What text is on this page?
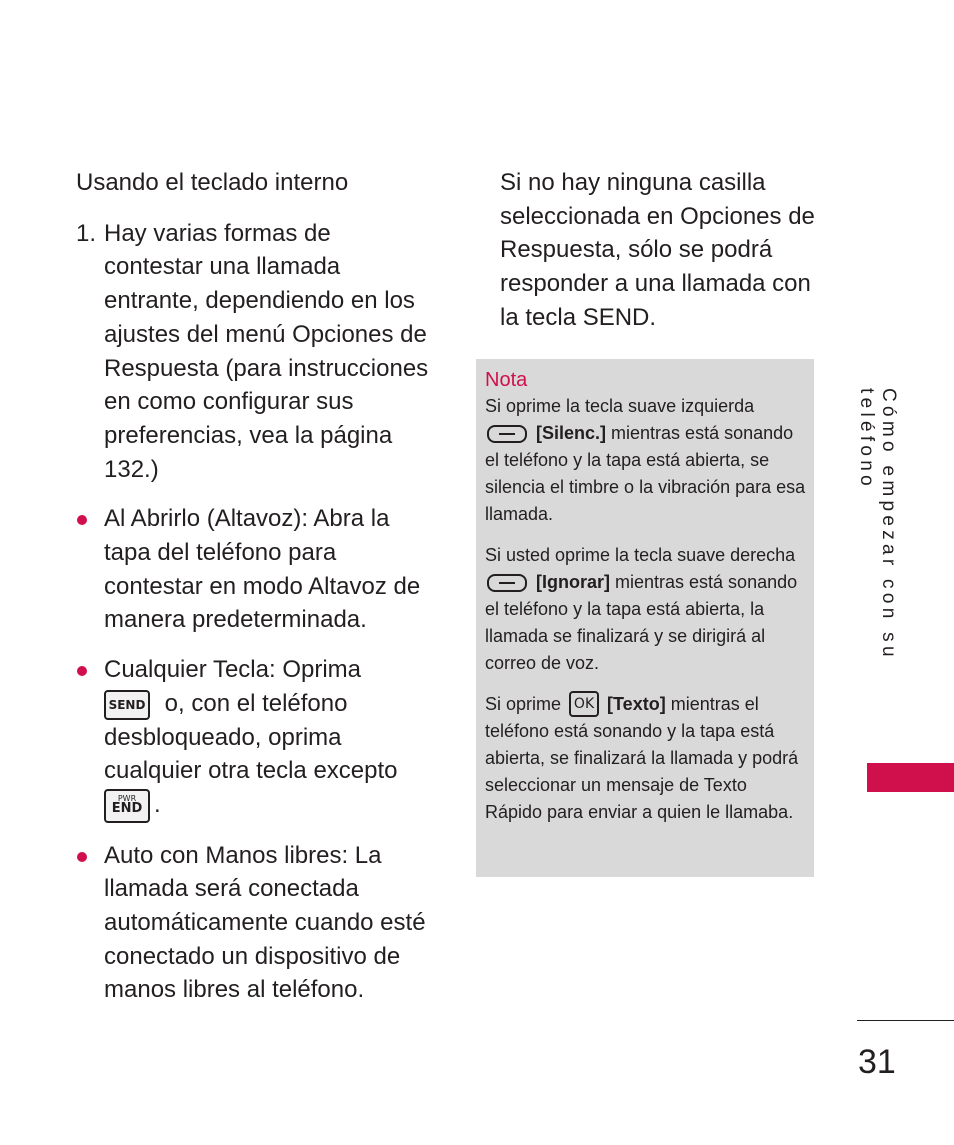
Usando el teclado interno
1. Hay varias formas de contestar una llamada entrante, dependiendo en los ajustes del menú Opciones de Respuesta (para instrucciones en como configurar sus preferencias, vea la página 132.)
Al Abrirlo (Altavoz): Abra la tapa del teléfono para contestar en modo Altavoz de manera predeterminada.
Cualquier Tecla: Oprima
SEND o, con el teléfono desbloqueado, oprima cualquier otra tecla excepto

PWR
END .
Auto con Manos libres: La llamada será conectada automáticamente cuando esté conectado un dispositivo de manos libres al teléfono.
Si no hay ninguna casilla seleccionada en Opciones de Respuesta, sólo se podrá responder a una llamada con la tecla SEND.
Nota

Si oprime la tecla suave izquierda
[Silenc.] mientras está sonando el teléfono y la tapa está abierta, se silencia el timbre o la vibración para esa llamada.

Si usted oprime la tecla suave derecha  [Ignorar] mientras está sonando el teléfono y la tapa está abierta, la llamada se finalizará y se dirigirá al correo de voz.

Si oprime OK [Texto] mientras el teléfono está sonando y la tapa está abierta, se finalizará la llamada y podrá seleccionar un mensaje de Texto Rápido para enviar a quien le llamaba.

Cómo empezar con su teléfono
31
